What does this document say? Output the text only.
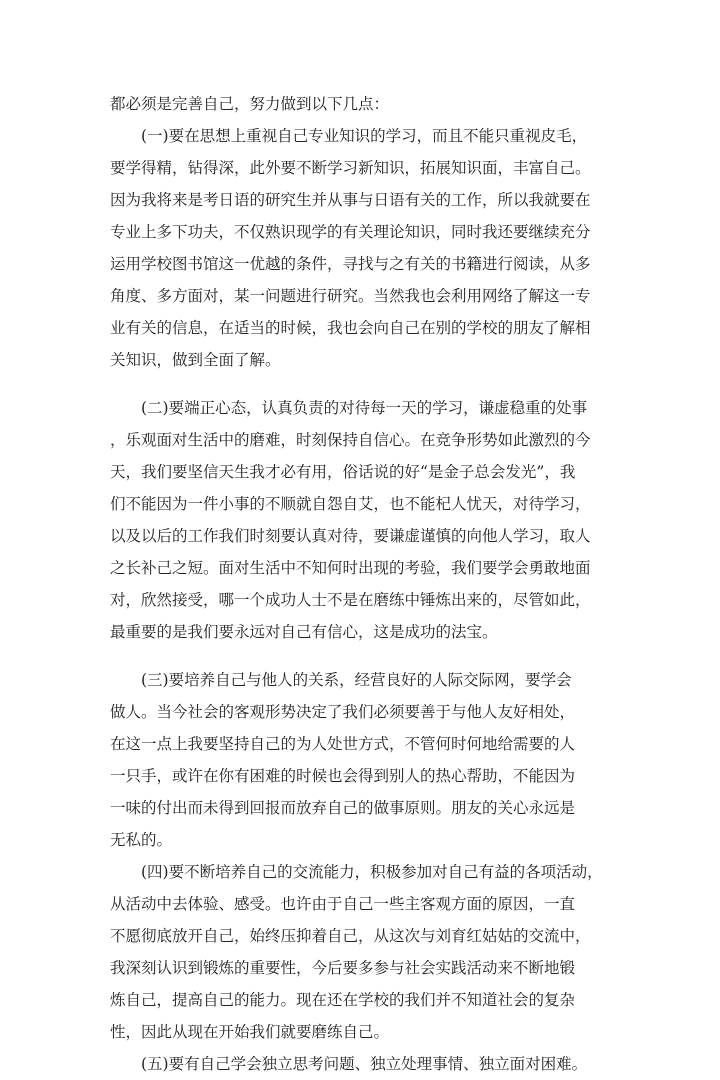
都必须是完善自己，努力做到以下几点：
(一)要在思想上重视自己专业知识的学习，而且不能只重视皮毛，
要学得精，钻得深，此外要不断学习新知识，拓展知识面，丰富自己。
因为我将来是考日语的研究生并从事与日语有关的工作，所以我就要在
专业上多下功夫，不仅熟识现学的有关理论知识，同时我还要继续充分
运用学校图书馆这一优越的条件，寻找与之有关的书籍进行阅读，从多
角度、多方面对，某一问题进行研究。当然我也会利用网络了解这一专
业有关的信息，在适当的时候，我也会向自己在别的学校的朋友了解相
关知识，做到全面了解。
(二)要端正心态，认真负责的对待每一天的学习，谦虚稳重的处事
，乐观面对生活中的磨难，时刻保持自信心。在竞争形势如此激烈的今
天，我们要坚信天生我才必有用，俗话说的好“是金子总会发光”，我
们不能因为一件小事的不顺就自怨自艾，也不能杞人忧天，对待学习，
以及以后的工作我们时刻要认真对待，要谦虚谨慎的向他人学习，取人
之长补己之短。面对生活中不知何时出现的考验，我们要学会勇敢地面
对，欣然接受，哪一个成功人士不是在磨练中锤炼出来的，尽管如此，
最重要的是我们要永远对自己有信心，这是成功的法宝。
(三)要培养自己与他人的关系，经营良好的人际交际网，要学会
做人。当今社会的客观形势决定了我们必须要善于与他人友好相处，
在这一点上我要坚持自己的为人处世方式，不管何时何地给需要的人
一只手，或许在你有困难的时候也会得到别人的热心帮助，不能因为
一味的付出而未得到回报而放弃自己的做事原则。朋友的关心永远是
无私的。
(四)要不断培养自己的交流能力，积极参加对自己有益的各项活动，
从活动中去体验、感受。也许由于自己一些主客观方面的原因，一直
不愿彻底放开自己，始终压抑着自己，从这次与刘育红姑姑的交流中，
我深刻认识到锻炼的重要性，今后要多参与社会实践活动来不断地锻
炼自己，提高自己的能力。现在还在学校的我们并不知道社会的复杂
性，因此从现在开始我们就要磨练自己。
(五)要有自己学会独立思考问题、独立处理事情、独立面对困难。
